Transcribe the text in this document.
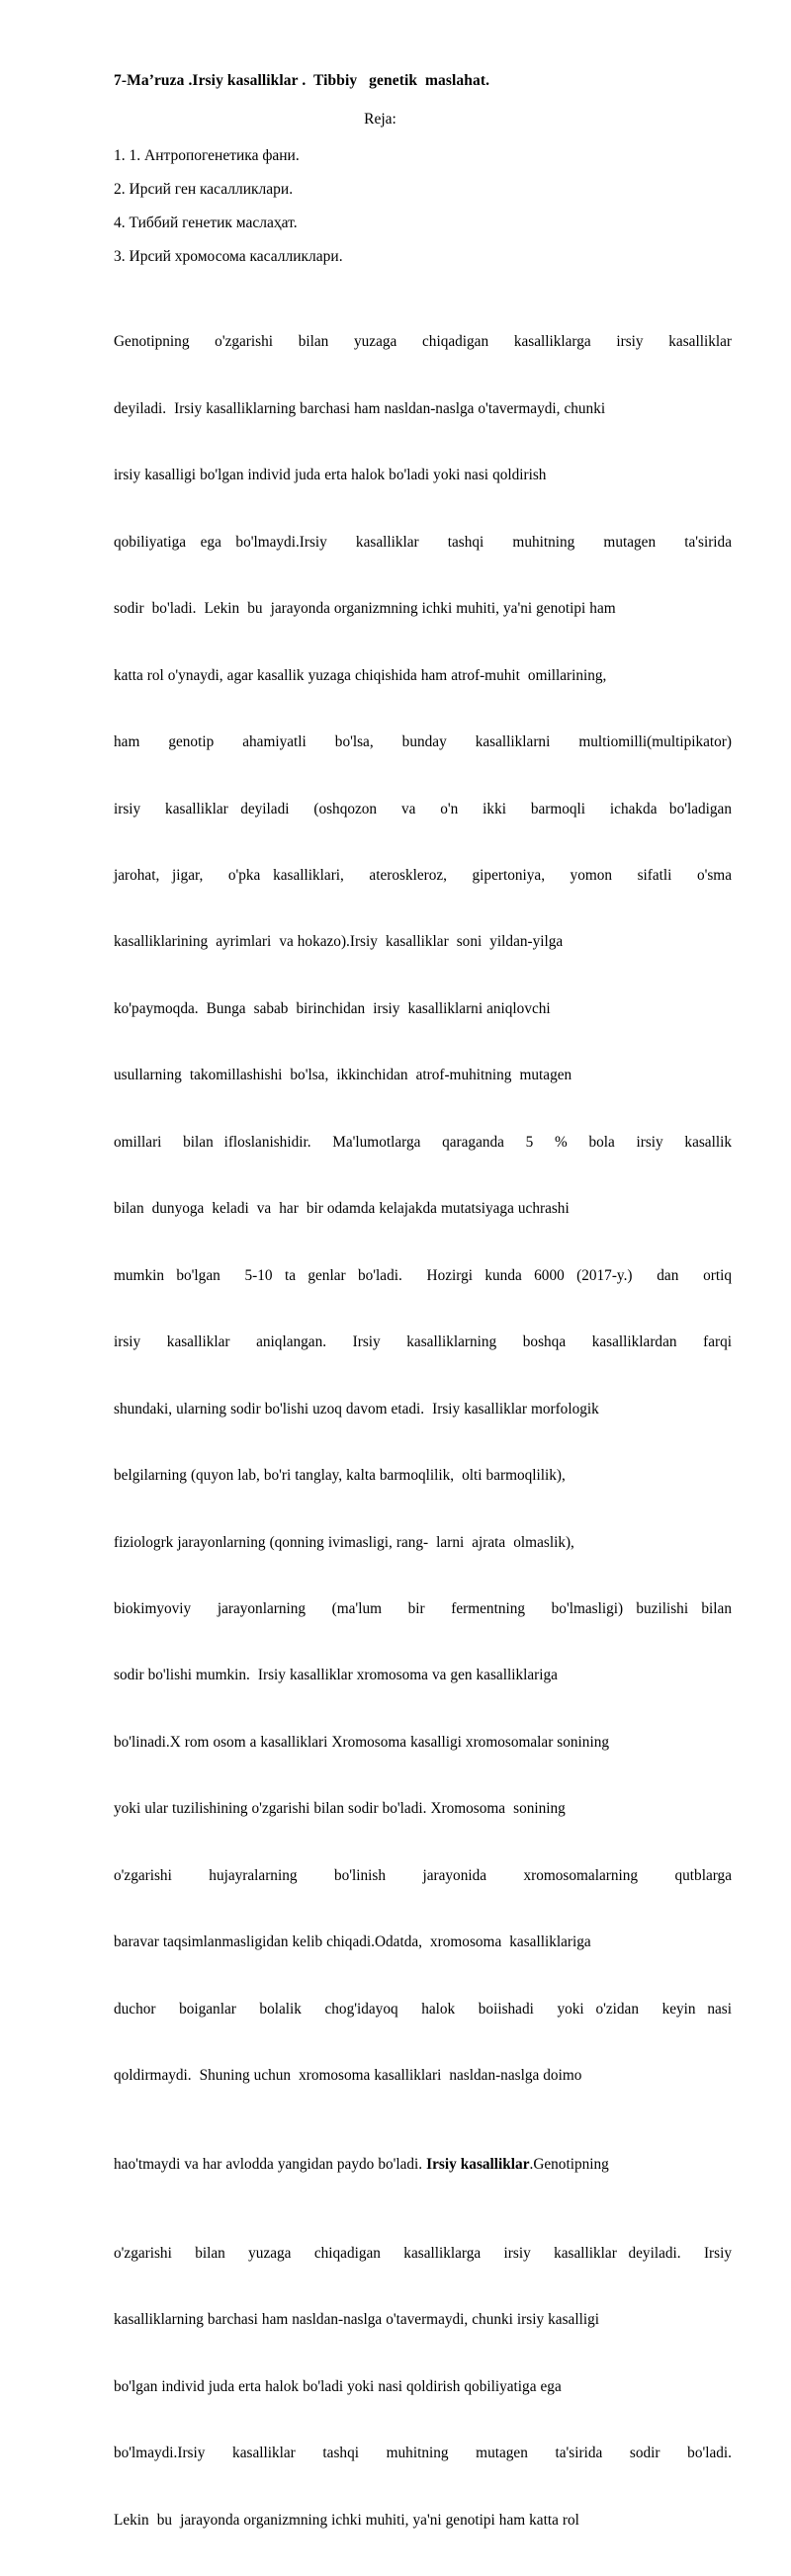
7-Ma’ruza .Irsiy kasalliklar .  Tibbiy   genetik  maslahat.

Reja:

1. 1. Антропогенетика фани.
2. Ирсий ген касалликлари.
4. Тиббий генетик маслаҳат.
3. Ирсий хромосома касалликлари.

Genotipning  o'zgarishi  bilan  yuzaga  chiqadigan  kasalliklarga  irsiy  kasalliklar

deyiladi.  Irsiy kasalliklarning barchasi ham nasldan-naslga o'tavermaydi, chunki

irsiy kasalligi bo'lgan individ juda erta halok bo'ladi yoki nasi qoldirish

qobiliyatiga ega bo'lmaydi.Irsiy  kasalliklar  tashqi  muhitning  mutagen  ta'sirida

sodir  bo'ladi.  Lekin  bu  jarayonda organizmning ichki muhiti, ya'ni genotipi ham

katta rol o'ynaydi, agar kasallik yuzaga chiqishida ham atrof-muhit  omillarining,

ham  genotip  ahamiyatli  bo'lsa,  bunday  kasalliklarni  multiomilli(multipikator)

irsiy  kasalliklar deyiladi  (oshqozon  va  o'n  ikki  barmoqli  ichakda bo'ladigan

jarohat, jigar,  o'pka kasalliklari,  ateroskleroz,  gipertoniya,  yomon  sifatli  o'sma

kasalliklarining  ayrimlari  va hokazo).Irsiy  kasalliklar  soni  yildan-yilga

ko'paymoqda.  Bunga  sabab  birinchidan  irsiy  kasalliklarni aniqlovchi

usullarning  takomillashishi  bo'lsa,  ikkinchidan  atrof-muhitning  mutagen

omillari  bilan ifloslanishidir.  Ma'lumotlarga  qaraganda  5  %  bola  irsiy  kasallik

bilan  dunyoga  keladi  va  har  bir odamda kelajakda mutatsiyaga uchrashi

mumkin bo'lgan  5-10 ta genlar bo'ladi.  Hozirgi kunda 6000 (2017-y.)  dan  ortiq

irsiy  kasalliklar  aniqlangan.  Irsiy  kasalliklarning  boshqa  kasalliklardan  farqi

shundaki, ularning sodir bo'lishi uzoq davom etadi.  Irsiy kasalliklar morfologik

belgilarning (quyon lab, bo'ri tanglay, kalta barmoqlilik,  olti barmoqlilik),

fiziologrk jarayonlarning (qonning ivimasligi, rang-  larni  ajrata  olmaslik),

biokimyoviy  jarayonlarning  (ma'lum  bir  fermentning  bo'lmasligi) buzilishi bilan

sodir bo'lishi mumkin.  Irsiy kasalliklar xromosoma va gen kasalliklariga

bo'linadi.X rom osom a kasalliklari Xromosoma kasalligi xromosomalar sonining

yoki ular tuzilishining o'zgarishi bilan sodir bo'ladi. Xromosoma  sonining

o'zgarishi  hujayralarning  bo'linish  jarayonida  xromosomalarning  qutblarga

baravar taqsimlanmasligidan kelib chiqadi.Odatda,  xromosoma  kasalliklariga

duchor  boiganlar  bolalik  chog'idayoq  halok  boiishadi  yoki o'zidan  keyin nasi

qoldirmaydi.  Shuning uchun  xromosoma kasalliklari  nasldan-naslga doimo

hao'tmaydi va har avlodda yangidan paydo bo'ladi. Irsiy kasalliklar.Genotipning

o'zgarishi  bilan  yuzaga  chiqadigan  kasalliklarga  irsiy  kasalliklar deyiladi.  Irsiy

kasalliklarning barchasi ham nasldan-naslga o'tavermaydi, chunki irsiy kasalligi

bo'lgan individ juda erta halok bo'ladi yoki nasi qoldirish qobiliyatiga ega

bo'lmaydi.Irsiy  kasalliklar  tashqi  muhitning  mutagen  ta'sirida  sodir  bo'ladi.

Lekin  bu  jarayonda organizmning ichki muhiti, ya'ni genotipi ham katta rol
